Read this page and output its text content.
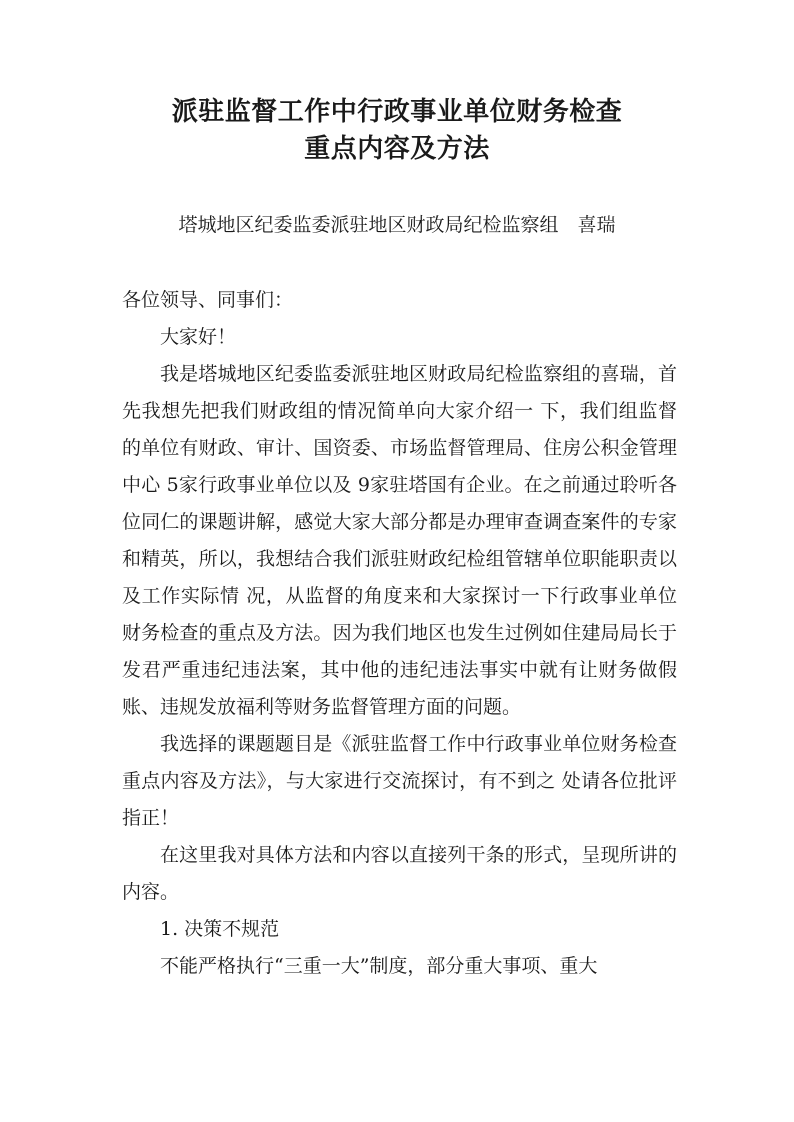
派驻监督工作中行政事业单位财务检查
重点内容及方法

塔城地区纪委监委派驻地区财政局纪检监察组　喜瑞

各位领导、同事们：

大家好！

我是塔城地区纪委监委派驻地区财政局纪检监察组的喜瑞，首先我想先把我们财政组的情况简单向大家介绍一 下，我们组监督的单位有财政、审计、国资委、市场监督管理局、住房公积金管理中心 5家行政事业单位以及 9家驻塔国有企业。在之前通过聆听各位同仁的课题讲解，感觉大家大部分都是办理审查调查案件的专家和精英，所以，我想结合我们派驻财政纪检组管辖单位职能职责以及工作实际情 况，从监督的角度来和大家探讨一下行政事业单位财务检查的重点及方法。因为我们地区也发生过例如住建局局长于发君严重违纪违法案，其中他的违纪违法事实中就有让财务做假账、违规发放福利等财务监督管理方面的问题。

我选择的课题题目是《派驻监督工作中行政事业单位财务检查重点内容及方法》，与大家进行交流探讨，有不到之 处请各位批评指正！

在这里我对具体方法和内容以直接列干条的形式，呈现所讲的内容。

1. 决策不规范

不能严格执行“三重一大”制度，部分重大事项、重大
